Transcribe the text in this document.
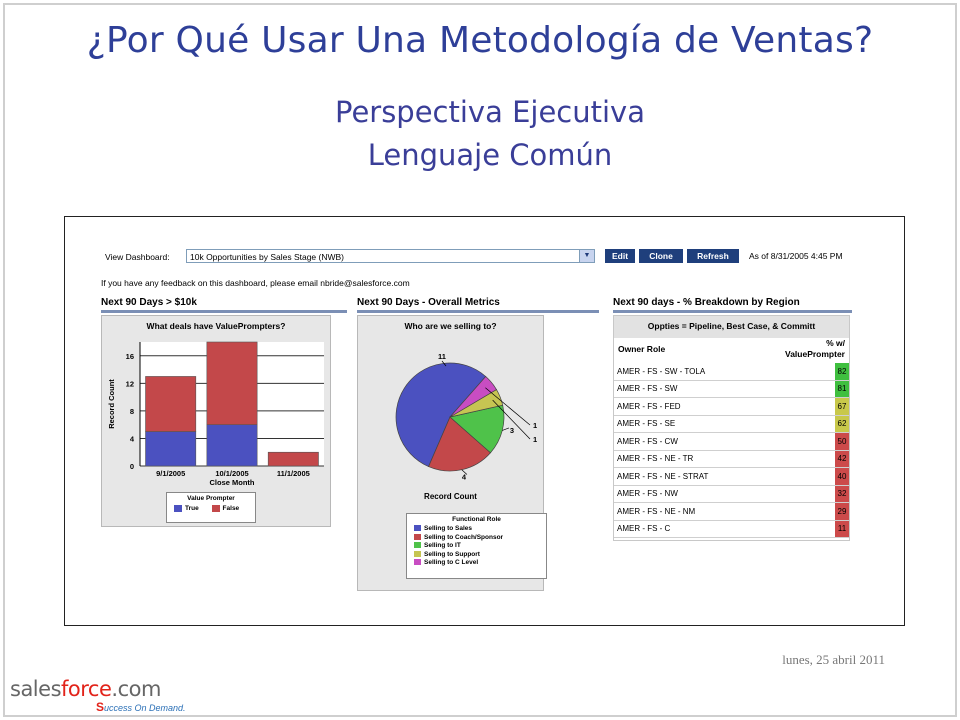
¿Por Qué Usar Una Metodología de Ventas?
Perspectiva Ejecutiva
Lenguaje Común
View Dashboard:	10k Opportunities by Sales Stage (NWB)	▼	Edit	Clone	Refresh	As of 8/31/2005 4:45 PM
If you have any feedback on this dashboard, please email nbride@salesforce.com
Next 90 Days > $10k	Next 90 Days - Overall Metrics	Next 90 days - % Breakdown by Region
What deals have ValuePrompters?
0
4
8
12
16
9/1/2005	10/1/2005	11/1/2005
Close Month
Record Count
Value Prompter
True	False
Who are we selling to?
11
4
3
1
1
Record Count
Functional Role
Selling to Sales
Selling to Coach/Sponsor
Selling to IT
Selling to Support
Selling to C Level
Oppties = Pipeline, Best Case, & Committ
Owner Role
% w/
ValuePrompter
AMER - FS - SW - TOLA	82
AMER - FS - SW	81
AMER - FS - FED	67
AMER - FS - SE	62
AMER - FS - CW	50
AMER - FS - NE - TR	42
AMER - FS - NE - STRAT	40
AMER - FS - NW	32
AMER - FS - NE - NM	29
AMER - FS - C	11
lunes, 25 abril 2011
salesforce.com
Success On Demand.
